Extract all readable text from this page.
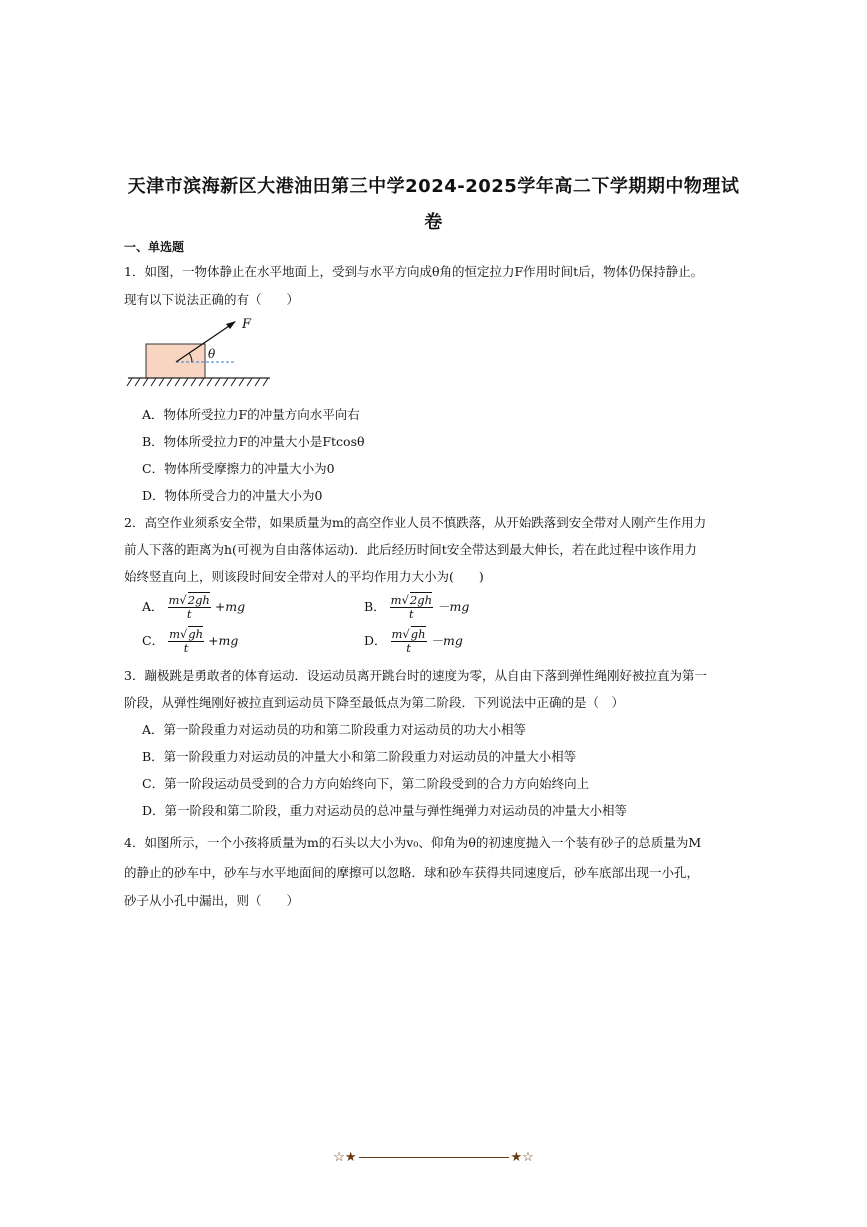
天津市滨海新区大港油田第三中学2024-2025学年高二下学期期中物理试
卷
一、单选题
1．如图，一物体静止在水平地面上，受到与水平方向成θ角的恒定拉力F作用时间t后，物体仍保持静止。
现有以下说法正确的有（　　）
F
θ
A．物体所受拉力F的冲量方向水平向右
B．物体所受拉力F的冲量大小是Ftcosθ
C．物体所受摩擦力的冲量大小为0
D．物体所受合力的冲量大小为0
2．高空作业须系安全带，如果质量为m的高空作业人员不慎跌落，从开始跌落到安全带对人刚产生作用力
前人下落的距离为h(可视为自由落体运动)．此后经历时间t安全带达到最大伸长，若在此过程中该作用力
始终竖直向上，则该段时间安全带对人的平均作用力大小为(　　)
A． $\frac{m√2gh}{t} +mg$	B． $\frac{m√2gh}{t} -mg$
C． $\frac{m√gh}{t} +mg$	D． $\frac{m√gh}{t} -mg$
3．蹦极跳是勇敢者的体育运动．设运动员离开跳台时的速度为零，从自由下落到弹性绳刚好被拉直为第一
阶段，从弹性绳刚好被拉直到运动员下降至最低点为第二阶段．下列说法中正确的是（　）
A．第一阶段重力对运动员的功和第二阶段重力对运动员的功大小相等
B．第一阶段重力对运动员的冲量大小和第二阶段重力对运动员的冲量大小相等
C．第一阶段运动员受到的合力方向始终向下，第二阶段受到的合力方向始终向上
D．第一阶段和第二阶段，重力对运动员的总冲量与弹性绳弹力对运动员的冲量大小相等
4．如图所示，一个小孩将质量为m的石头以大小为v₀、仰角为θ的初速度抛入一个装有砂子的总质量为M
的静止的砂车中，砂车与水平地面间的摩擦可以忽略．球和砂车获得共同速度后，砂车底部出现一小孔，
砂子从小孔中漏出，则（　　）
☆★	★☆
